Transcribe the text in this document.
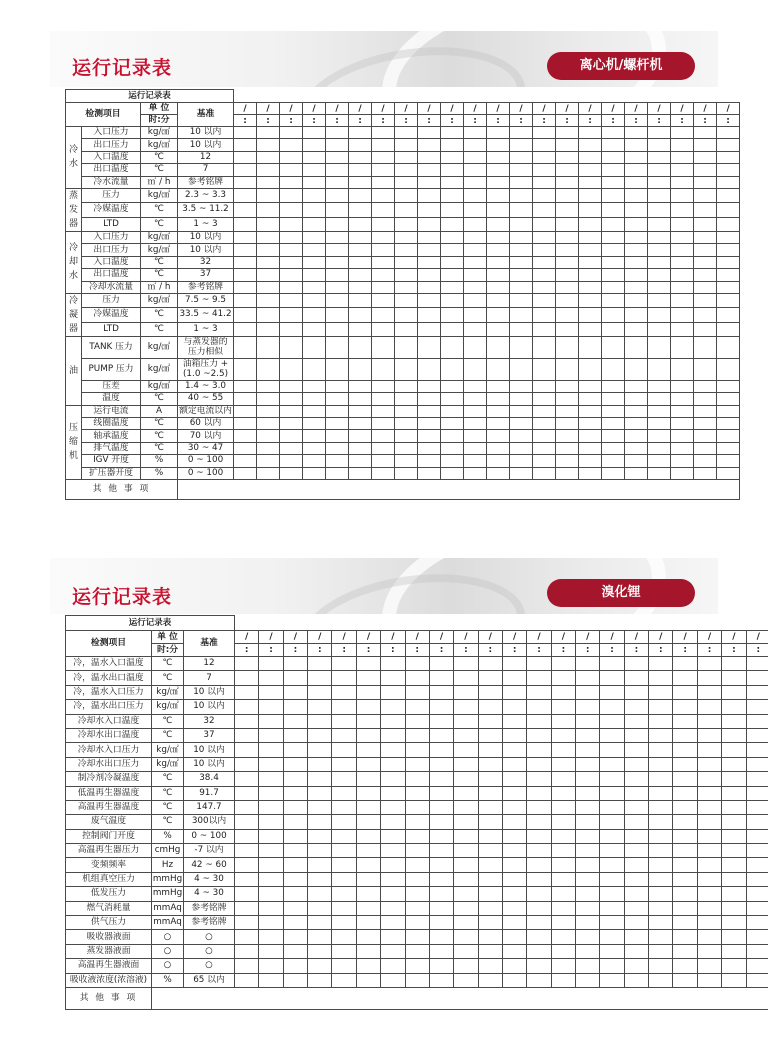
运行记录表	离心机/螺杆机
运行记录表																									
检测项目		单 位	基准	/	/	/	/	/	/	/	/	/	/	/	/	/	/	/	/	/	/	/	/	/	/
		时:分		:	:	:	:	:	:	:	:	:	:	:	:	:	:	:	:	:	:	:	:	:	:

冷
水	入口压力	kg/㎠	10 以内																						
	出口压力	kg/㎠	10 以内																						
	入口温度	℃	12																						
	出口温度	℃	7																						
	冷水流量	㎥ / h	参考铭牌																						

蒸
发
器	压力	kg/㎠	2.3 ~ 3.3																						
	冷媒温度	℃	3.5 ~ 11.2																						
	LTD	℃	1 ~ 3																						

冷
却
水	入口压力	kg/㎠	10 以内																						
	出口压力	kg/㎠	10 以内																						
	入口温度	℃	32																						
	出口温度	℃	37																						
	冷却水流量	㎥ / h	参考铭牌																						

冷
凝
器	压力	kg/㎠	7.5 ~ 9.5																						
	冷媒温度	℃	33.5 ~ 41.2																						
	LTD	℃	1 ~ 3																						

油	TANK 压力	kg/㎠	与蒸发器的 压力相似																						
	PUMP 压力	kg/㎠	油箱压力 + (1.0 ~2.5)																						
	压差	kg/㎠	1.4 ~ 3.0																						
	温度	℃	40 ~ 55																						

压
缩
机	运行电流	A	额定电流以内																						
	线圈温度	℃	60 以内																						
	轴承温度	℃	70 以内																						
	排气温度	℃	30 ~ 47																						
	IGV 开度	%	0 ~ 100																						
	扩压器开度	%	0 ~ 100																						
其 他 事 项																									
运行记录表	溴化锂
运行记录表																								
检测项目	单 位	基准	/	/	/	/	/	/	/	/	/	/	/	/	/	/	/	/	/	/	/	/	/	/
	时:分		:	:	:	:	:	:	:	:	:	:	:	:	:	:	:	:	:	:	:	:	:	:
冷，温水入口温度	℃	12																						
冷，温水出口温度	℃	7																						
冷，温水入口压力	kg/㎠	10 以内																						
冷，温水出口压力	kg/㎠	10 以内																						
冷却水入口温度	℃	32																						
冷却水出口温度	℃	37																						
冷却水入口压力	kg/㎠	10 以内																						
冷却水出口压力	kg/㎠	10 以内																						
制冷剂冷凝温度	℃	38.4																						
低温再生器温度	℃	91.7																						
高温再生器温度	℃	147.7																						
废气温度	℃	300以内																						
控制阀门开度	%	0 ~ 100																						
高温再生器压力	cmHg	-7 以内																						
变频频率	Hz	42 ~ 60																						
机组真空压力	mmHg	4 ~ 30																						
低发压力	mmHg	4 ~ 30																						
燃气消耗量	mmAq	参考铭牌																						
供气压力	mmAq	参考铭牌																						
吸收器液面	○	○																						
蒸发器液面	○	○																						
高温再生器液面	○	○																						
吸收液浓度(浓溶液)	%	65 以内																						
其 他 事 项																								
